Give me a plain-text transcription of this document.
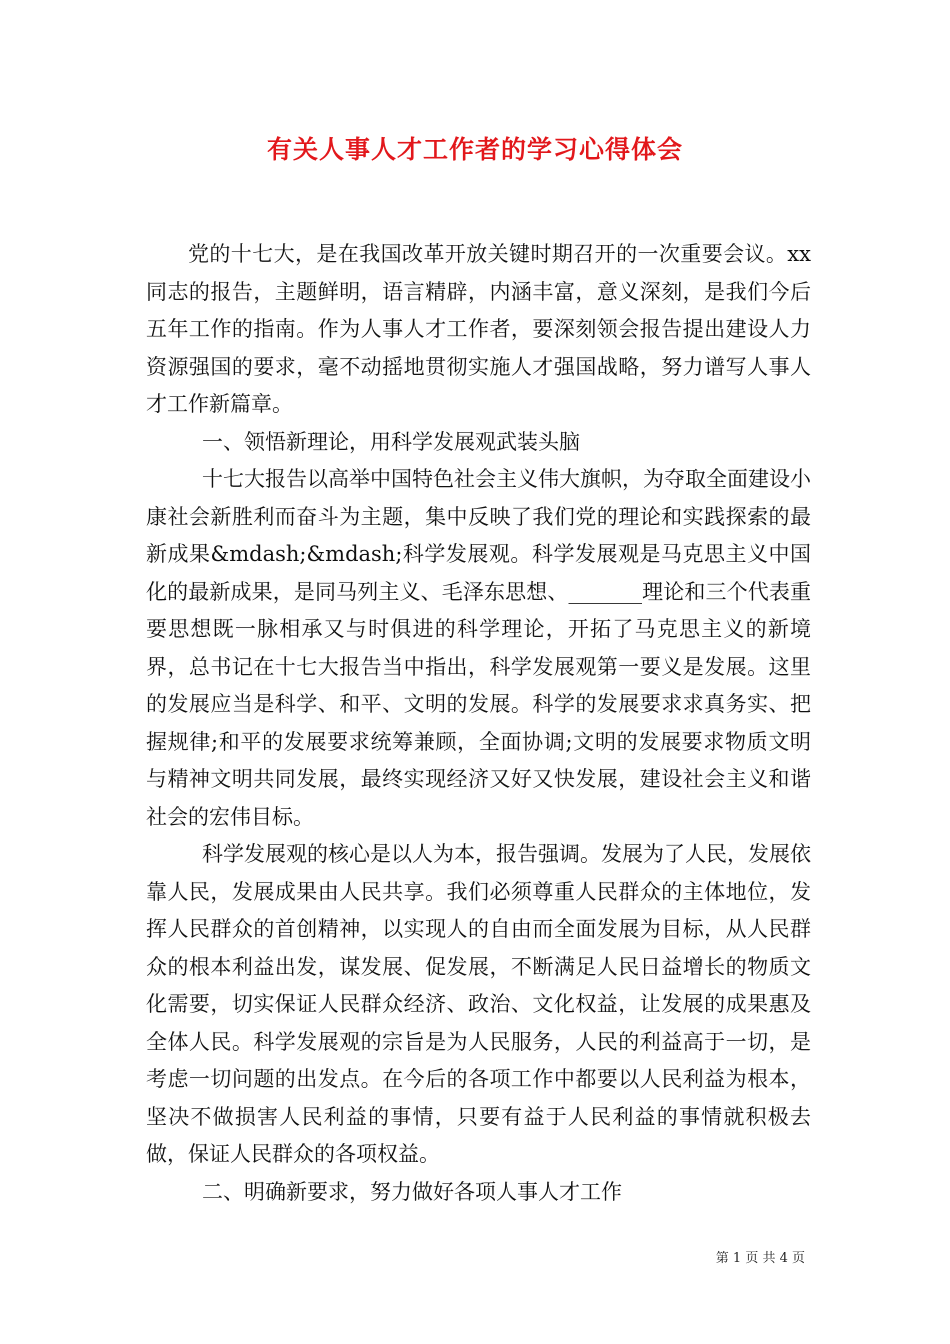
有关人事人才工作者的学习心得体会

党的十七大，是在我国改革开放关键时期召开的一次重要会议。xx同志的报告，主题鲜明，语言精辟，内涵丰富，意义深刻，是我们今后五年工作的指南。作为人事人才工作者，要深刻领会报告提出建设人力资源强国的要求，毫不动摇地贯彻实施人才强国战略，努力谱写人事人才工作新篇章。

一、领悟新理论，用科学发展观武装头脑

十七大报告以高举中国特色社会主义伟大旗帜，为夺取全面建设小康社会新胜利而奋斗为主题，集中反映了我们党的理论和实践探索的最新成果&mdash;&mdash;科学发展观。科学发展观是马克思主义中国化的最新成果，是同马列主义、毛泽东思想、_______理论和三个代表重要思想既一脉相承又与时俱进的科学理论，开拓了马克思主义的新境界，总书记在十七大报告当中指出，科学发展观第一要义是发展。这里的发展应当是科学、和平、文明的发展。科学的发展要求求真务实、把握规律;和平的发展要求统筹兼顾，全面协调;文明的发展要求物质文明与精神文明共同发展，最终实现经济又好又快发展，建设社会主义和谐社会的宏伟目标。

科学发展观的核心是以人为本，报告强调。发展为了人民，发展依靠人民，发展成果由人民共享。我们必须尊重人民群众的主体地位，发挥人民群众的首创精神，以实现人的自由而全面发展为目标，从人民群众的根本利益出发，谋发展、促发展，不断满足人民日益增长的物质文化需要，切实保证人民群众经济、政治、文化权益，让发展的成果惠及全体人民。科学发展观的宗旨是为人民服务，人民的利益高于一切，是考虑一切问题的出发点。在今后的各项工作中都要以人民利益为根本，坚决不做损害人民利益的事情，只要有益于人民利益的事情就积极去做，保证人民群众的各项权益。

二、明确新要求，努力做好各项人事人才工作

第 1 页 共 4 页
